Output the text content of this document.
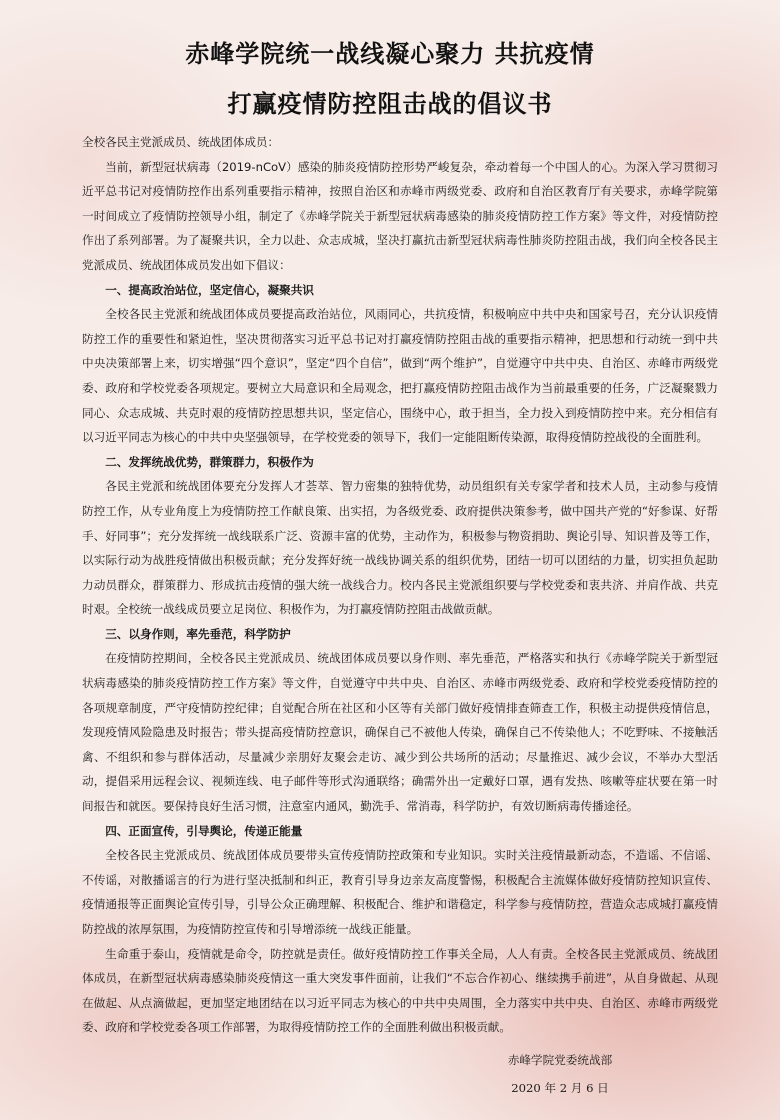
赤峰学院统一战线凝心聚力 共抗疫情
打赢疫情防控阻击战的倡议书

全校各民主党派成员、统战团体成员：

当前，新型冠状病毒（2019-nCoV）感染的肺炎疫情防控形势严峻复杂，牵动着每一个中国人的心。为深入学习贯彻习近平总书记对疫情防控作出系列重要指示精神，按照自治区和赤峰市两级党委、政府和自治区教育厅有关要求，赤峰学院第一时间成立了疫情防控领导小组，制定了《赤峰学院关于新型冠状病毒感染的肺炎疫情防控工作方案》等文件，对疫情防控作出了系列部署。为了凝聚共识，全力以赴、众志成城，坚决打赢抗击新型冠状病毒性肺炎防控阻击战，我们向全校各民主党派成员、统战团体成员发出如下倡议：

一、提高政治站位，坚定信心，凝聚共识

全校各民主党派和统战团体成员要提高政治站位，风雨同心，共抗疫情，积极响应中共中央和国家号召，充分认识疫情防控工作的重要性和紧迫性，坚决贯彻落实习近平总书记对打赢疫情防控阻击战的重要指示精神，把思想和行动统一到中共中央决策部署上来，切实增强“四个意识”，坚定“四个自信”，做到“两个维护”，自觉遵守中共中央、自治区、赤峰市两级党委、政府和学校党委各项规定。要树立大局意识和全局观念，把打赢疫情防控阻击战作为当前最重要的任务，广泛凝聚戮力同心、众志成城、共克时艰的疫情防控思想共识，坚定信心，围绕中心，敢于担当，全力投入到疫情防控中来。充分相信有以习近平同志为核心的中共中央坚强领导，在学校党委的领导下，我们一定能阻断传染源，取得疫情防控战役的全面胜利。

二、发挥统战优势，群策群力，积极作为

各民主党派和统战团体要充分发挥人才荟萃、智力密集的独特优势，动员组织有关专家学者和技术人员，主动参与疫情防控工作，从专业角度上为疫情防控工作献良策、出实招，为各级党委、政府提供决策参考，做中国共产党的“好参谋、好帮手、好同事”；充分发挥统一战线联系广泛、资源丰富的优势，主动作为，积极参与物资捐助、舆论引导、知识普及等工作，以实际行动为战胜疫情做出积极贡献；充分发挥好统一战线协调关系的组织优势，团结一切可以团结的力量，切实担负起助力动员群众，群策群力、形成抗击疫情的强大统一战线合力。校内各民主党派组织要与学校党委和衷共济、并肩作战、共克时艰。全校统一战线成员要立足岗位、积极作为，为打赢疫情防控阻击战做贡献。

三、以身作则，率先垂范，科学防护

在疫情防控期间，全校各民主党派成员、统战团体成员要以身作则、率先垂范，严格落实和执行《赤峰学院关于新型冠状病毒感染的肺炎疫情防控工作方案》等文件，自觉遵守中共中央、自治区、赤峰市两级党委、政府和学校党委疫情防控的各项规章制度，严守疫情防控纪律；自觉配合所在社区和小区等有关部门做好疫情排查筛查工作，积极主动提供疫情信息，发现疫情风险隐患及时报告；带头提高疫情防控意识，确保自己不被他人传染，确保自己不传染他人；不吃野味、不接触活禽、不组织和参与群体活动，尽量减少亲朋好友聚会走访、减少到公共场所的活动；尽量推迟、减少会议，不举办大型活动，提倡采用远程会议、视频连线、电子邮件等形式沟通联络；确需外出一定戴好口罩，遇有发热、咳嗽等症状要在第一时间报告和就医。要保持良好生活习惯，注意室内通风，勤洗手、常消毒，科学防护，有效切断病毒传播途径。

四、正面宣传，引导舆论，传递正能量

全校各民主党派成员、统战团体成员要带头宣传疫情防控政策和专业知识。实时关注疫情最新动态，不造谣、不信谣、不传谣，对散播谣言的行为进行坚决抵制和纠正，教育引导身边亲友高度警惕，积极配合主流媒体做好疫情防控知识宣传、疫情通报等正面舆论宣传引导，引导公众正确理解、积极配合、维护和谐稳定，科学参与疫情防控，营造众志成城打赢疫情防控战的浓厚氛围，为疫情防控宣传和引导增添统一战线正能量。

生命重于泰山，疫情就是命令，防控就是责任。做好疫情防控工作事关全局，人人有责。全校各民主党派成员、统战团体成员，在新型冠状病毒感染肺炎疫情这一重大突发事件面前，让我们“不忘合作初心、继续携手前进”，从自身做起、从现在做起、从点滴做起，更加坚定地团结在以习近平同志为核心的中共中央周围，全力落实中共中央、自治区、赤峰市两级党委、政府和学校党委各项工作部署，为取得疫情防控工作的全面胜利做出积极贡献。

赤峰学院党委统战部
2020 年 2 月 6 日
